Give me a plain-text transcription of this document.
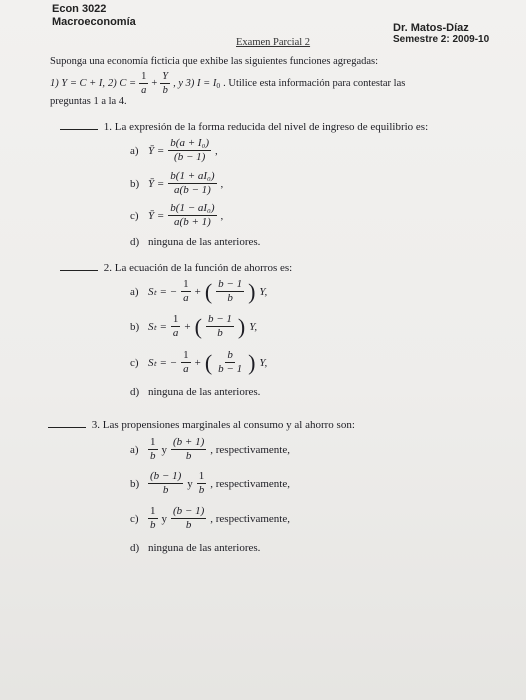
Econ 3022
Macroeconomía	Dr. Matos-Díaz
Semestre 2: 2009-10
Examen Parcial 2
Suponga una economía ficticia que exhibe las siguientes funciones agregadas:
1) Y = C + I, 2) $C = \frac{1}{a} + \frac{Y}{b}$ , y 3) $I = I_0$ . Utilice esta información para contestar las
preguntas 1 a la 4.
1. La expresión de la forma reducida del nivel de ingreso de equilibrio es:
a) Ȳ = $\frac{\text{b(a + I₀)}}{(b - 1)}$ ,
b) Ȳ = $\frac{\text{b(1 + aI₀)}}{a(b - 1)}$ ,
c) Ȳ = $\frac{\text{b(1 − aI₀)}}{a(b + 1)}$ ,
d) ninguna de las anteriores.
2. La ecuación de la función de ahorros es:
a) Sₜ = − $\frac{1}{a}$ + ( $\frac{b - 1}{b}$ ) Y,
b) $S_t = \frac{1}{a}$ + ( $\frac{b - 1}{b}$ ) Y,
c) Sₜ = − $\frac{1}{a}$ + ( $\frac{b}{b - 1}$ ) Y,
d) ninguna de las anteriores.
3. Las propensiones marginales al consumo y al ahorro son:
$a) \frac{1}{b}$ y $\frac{(b + 1)}{b}$ , respectivamente,
$b) \frac{(b - 1)}{b}$ y $\frac{1}{b}$ , respectivamente,
$c) \frac{1}{b}$ y $\frac{(b - 1)}{b}$ , respectivamente,
d) ninguna de las anteriores.
